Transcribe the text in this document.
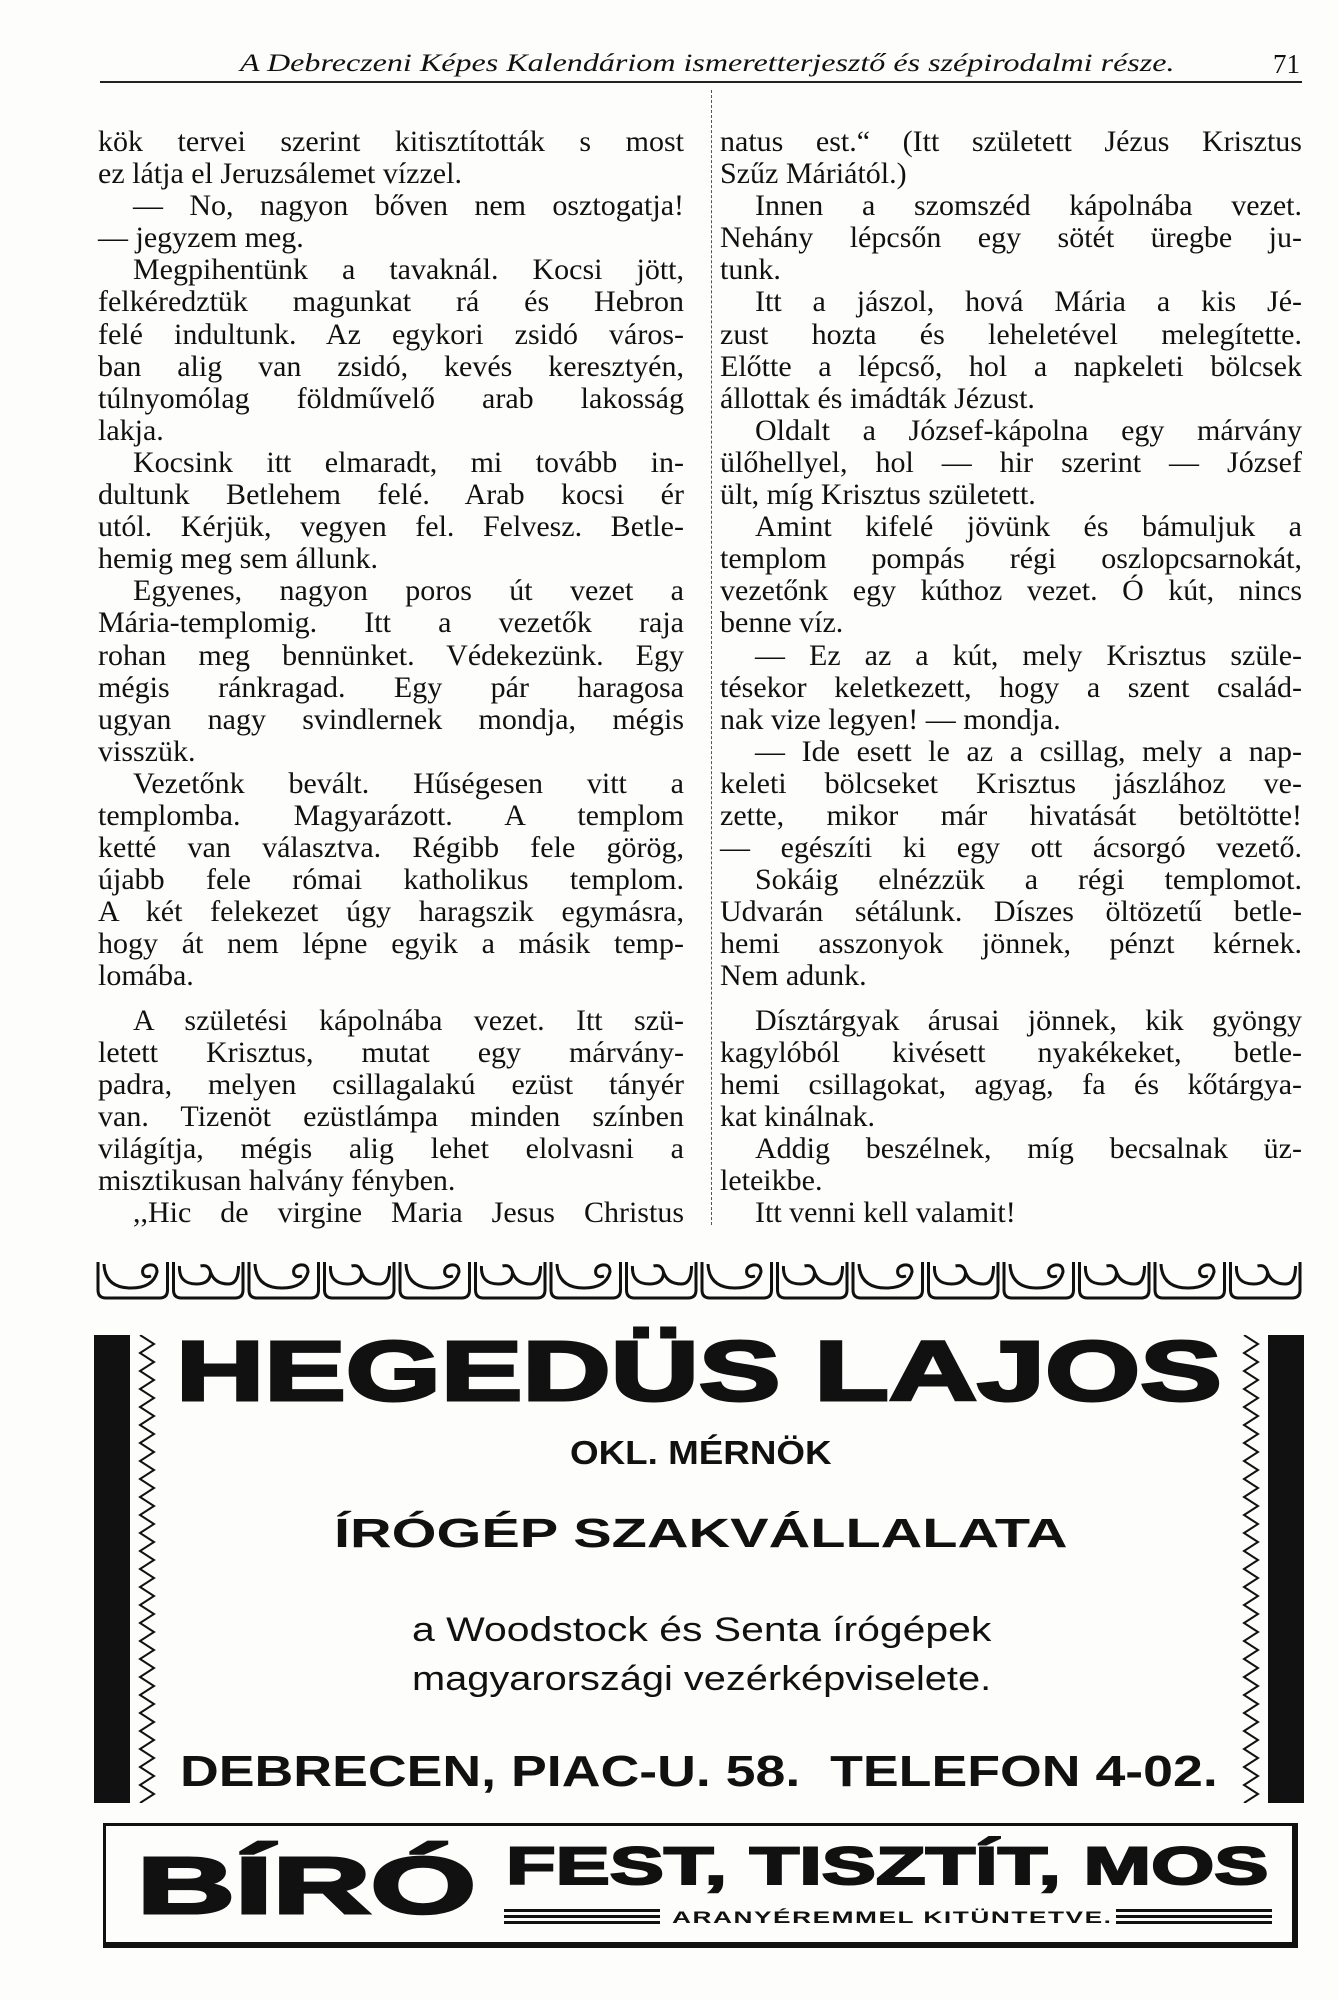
A Debreczeni Képes Kalendáriom ismeretterjesztő és szépirodalmi része.	71
kök tervei szerint kitisztították s most
ez látja el Jeruzsálemet vízzel.
— No, nagyon bőven nem osztogatja!
— jegyzem meg.
Megpihentünk a tavaknál. Kocsi jött,
felkéredztük magunkat rá és Hebron
felé indultunk. Az egykori zsidó város-
ban alig van zsidó, kevés keresztyén,
túlnyomólag földművelő arab lakosság
lakja.
Kocsink itt elmaradt, mi tovább in-
dultunk Betlehem felé. Arab kocsi ér
utól. Kérjük, vegyen fel. Felvesz. Betle-
hemig meg sem állunk.
Egyenes, nagyon poros út vezet a
Mária-templomig. Itt a vezetők raja
rohan meg bennünket. Védekezünk. Egy
mégis ránkragad. Egy pár haragosa
ugyan nagy svindlernek mondja, mégis
visszük.
Vezetőnk bevált. Hűségesen vitt a
templomba. Magyarázott. A templom
ketté van választva. Régibb fele görög,
újabb fele római katholikus templom.
A két felekezet úgy haragszik egymásra,
hogy át nem lépne egyik a másik temp-
lomába.
A születési kápolnába vezet. Itt szü-
letett Krisztus, mutat egy márvány-
padra, melyen csillagalakú ezüst tányér
van. Tizenöt ezüstlámpa minden színben
világítja, mégis alig lehet elolvasni a
misztikusan halvány fényben.
,,Hic de virgine Maria Jesus Christus
natus est.“ (Itt született Jézus Krisztus
Szűz Máriától.)
Innen a szomszéd kápolnába vezet.
Nehány lépcsőn egy sötét üregbe ju-
tunk.
Itt a jászol, hová Mária a kis Jé-
zust hozta és leheletével melegítette.
Előtte a lépcső, hol a napkeleti bölcsek
állottak és imádták Jézust.
Oldalt a József-kápolna egy márvány
ülőhellyel, hol — hir szerint — József
ült, míg Krisztus született.
Amint kifelé jövünk és bámuljuk a
templom pompás régi oszlopcsarnokát,
vezetőnk egy kúthoz vezet. Ó kút, nincs
benne víz.
— Ez az a kút, mely Krisztus szüle-
tésekor keletkezett, hogy a szent család-
nak vize legyen! — mondja.
— Ide esett le az a csillag, mely a nap-
keleti bölcseket Krisztus jászlához ve-
zette, mikor már hivatását betöltötte!
— egészíti ki egy ott ácsorgó vezető.
Sokáig elnézzük a régi templomot.
Udvarán sétálunk. Díszes öltözetű betle-
hemi asszonyok jönnek, pénzt kérnek.
Nem adunk.
Dísztárgyak árusai jönnek, kik gyöngy
kagylóból kivésett nyakékeket, betle-
hemi csillagokat, agyag, fa és kőtárgya-
kat kinálnak.
Addig beszélnek, míg becsalnak üz-
leteikbe.
Itt venni kell valamit!
HEGEDÜS LAJOS
OKL. MÉRNÖK
ÍRÓGÉP SZAKVÁLLALATA
a Woodstock és Senta írógépek
magyarországi vezérképviselete.
DEBRECEN, PIAC-U. 58.  TELEFON 4-02.
BÍRÓ FEST, TISZTÍT, MOS
ARANYÉREMMEL KITÜNTETVE.
